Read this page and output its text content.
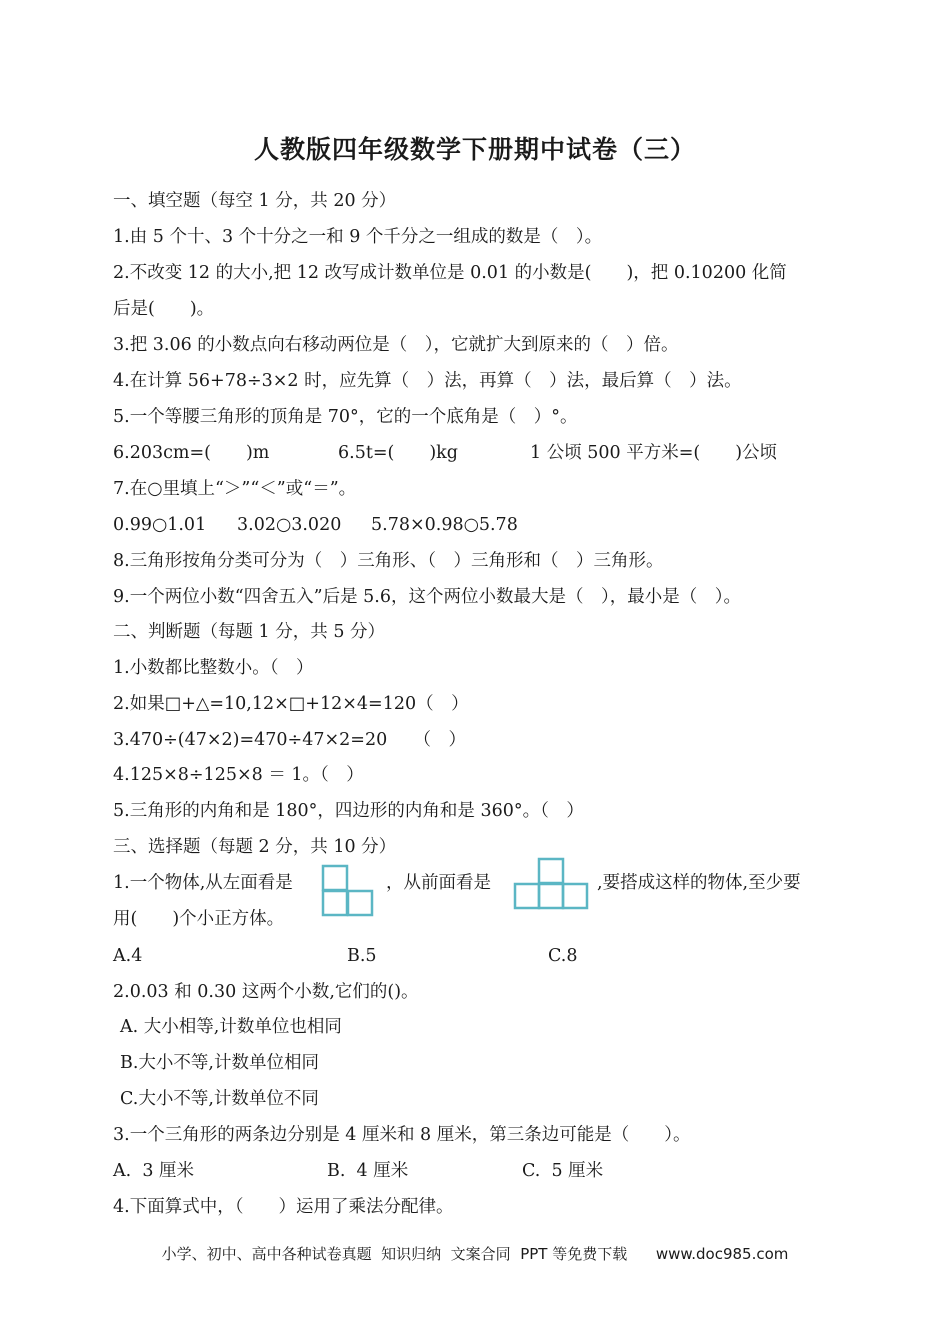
人教版四年级数学下册期中试卷（三）
一、填空题（每空 1 分，共 20 分）
1.由 5 个十、3 个十分之一和 9 个千分之一组成的数是（　）。
2.不改变 12 的大小,把 12 改写成计数单位是 0.01 的小数是(　　)，把 0.10200 化简
后是(　　)。
3.把 3.06 的小数点向右移动两位是（　），它就扩大到原来的（　）倍。
4.在计算 56+78÷3×2 时，应先算（　）法，再算（　）法，最后算（　）法。
5.一个等腰三角形的顶角是 70°，它的一个底角是（　）°。
6.203cm=(　　)m	6.5t=(　　)kg	1 公顷 500 平方米=(　　)公顷
7.在○里填上“＞”“＜”或“＝”。
0.99○1.01 3.02○3.020 5.78×0.98○5.78
8.三角形按角分类可分为（　）三角形、（　）三角形和（　）三角形。
9.一个两位小数“四舍五入”后是 5.6，这个两位小数最大是（　），最小是（　）。
二、判断题（每题 1 分，共 5 分）
1.小数都比整数小。（　）
2.如果□+△=10,12×□+12×4=120（　）
3.470÷(47×2)=470÷47×2=20　　（　）
4.125×8÷125×8 ＝ 1。（　）
5.三角形的内角和是 180°，四边形的内角和是 360°。（　）
三、选择题（每题 2 分，共 10 分）
1.一个物体,从左面看是	，从前面看是	,要搭成这样的物体,至少要
用(　　)个小正方体。
A.4	B.5	C.8
2.0.03 和 0.30 这两个小数,它们的()。
A. 大小相等,计数单位也相同
B.大小不等,计数单位相同
C.大小不等,计数单位不同
3.一个三角形的两条边分别是 4 厘米和 8 厘米，第三条边可能是（　　）。
A.  3 厘米	B.  4 厘米	C.  5 厘米
4.下面算式中，（　　）运用了乘法分配律。
小学、初中、高中各种试卷真题  知识归纳  文案合同  PPT 等免费下载      www.doc985.com
